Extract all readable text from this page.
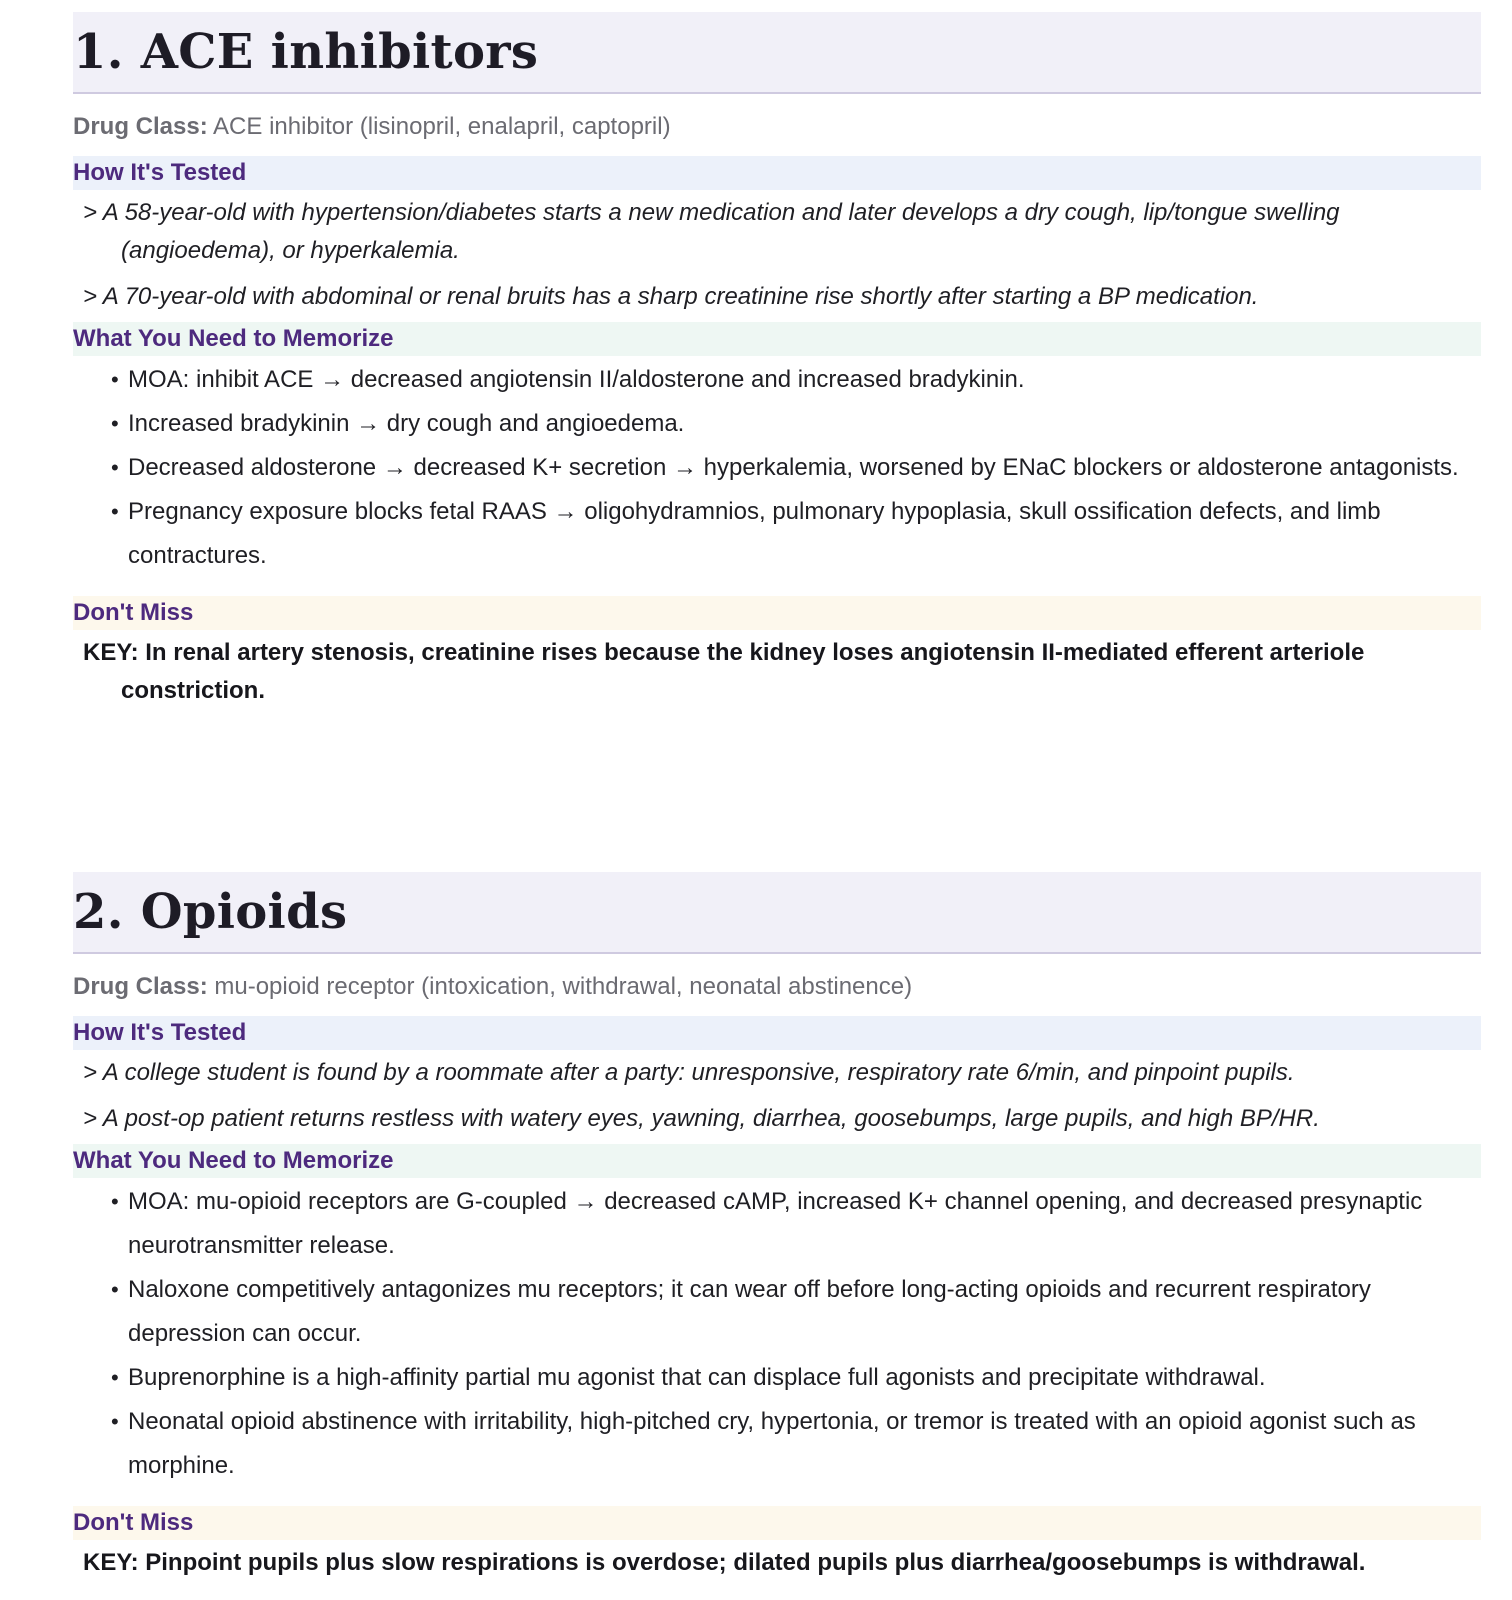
1. ACE inhibitors
Drug Class: ACE inhibitor (lisinopril, enalapril, captopril)
How It's Tested
> A 58-year-old with hypertension/diabetes starts a new medication and later develops a dry cough, lip/tongue swelling (angioedema), or hyperkalemia.
> A 70-year-old with abdominal or renal bruits has a sharp creatinine rise shortly after starting a BP medication.
What You Need to Memorize
• MOA: inhibit ACE → decreased angiotensin II/aldosterone and increased bradykinin.
• Increased bradykinin → dry cough and angioedema.
• Decreased aldosterone → decreased K+ secretion → hyperkalemia, worsened by ENaC blockers or aldosterone antagonists.
• Pregnancy exposure blocks fetal RAAS → oligohydramnios, pulmonary hypoplasia, skull ossification defects, and limb contractures.
Don't Miss
KEY: In renal artery stenosis, creatinine rises because the kidney loses angiotensin II-mediated efferent arteriole constriction.
2. Opioids
Drug Class: mu-opioid receptor (intoxication, withdrawal, neonatal abstinence)
How It's Tested
> A college student is found by a roommate after a party: unresponsive, respiratory rate 6/min, and pinpoint pupils.
> A post-op patient returns restless with watery eyes, yawning, diarrhea, goosebumps, large pupils, and high BP/HR.
What You Need to Memorize
• MOA: mu-opioid receptors are G-coupled → decreased cAMP, increased K+ channel opening, and decreased presynaptic neurotransmitter release.
• Naloxone competitively antagonizes mu receptors; it can wear off before long-acting opioids and recurrent respiratory depression can occur.
• Buprenorphine is a high-affinity partial mu agonist that can displace full agonists and precipitate withdrawal.
• Neonatal opioid abstinence with irritability, high-pitched cry, hypertonia, or tremor is treated with an opioid agonist such as morphine.
Don't Miss
KEY: Pinpoint pupils plus slow respirations is overdose; dilated pupils plus diarrhea/goosebumps is withdrawal.
